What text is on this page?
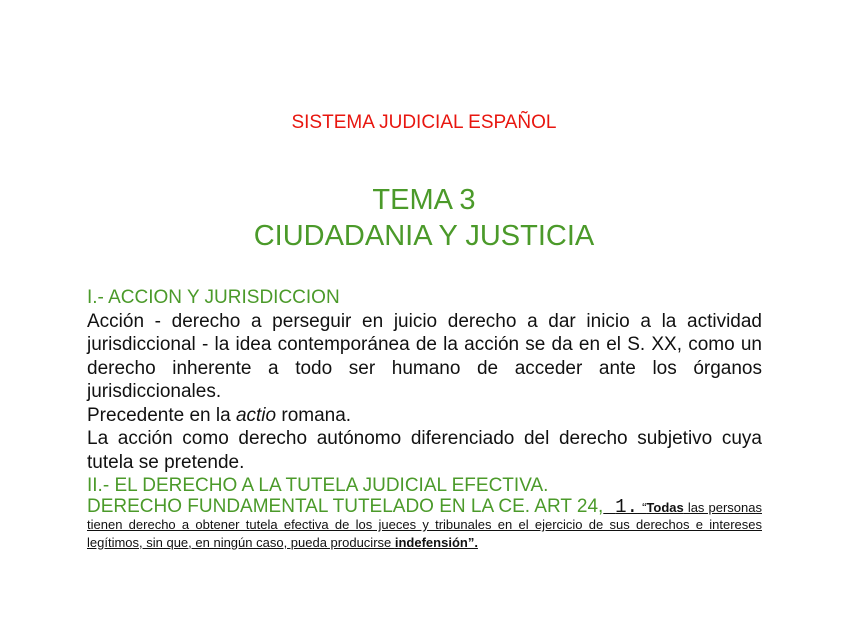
SISTEMA JUDICIAL ESPAÑOL
TEMA 3
CIUDADANIA Y JUSTICIA
I.- ACCION Y JURISDICCION
Acción - derecho a perseguir en juicio derecho a dar inicio a la actividad jurisdiccional - la idea contemporánea de la acción se da en el S. XX, como un derecho inherente a todo ser humano de acceder ante los órganos jurisdiccionales.
Precedente en la actio romana.
La acción como derecho autónomo diferenciado del derecho subjetivo cuya tutela se pretende.
II.- EL DERECHO A LA TUTELA JUDICIAL EFECTIVA.
DERECHO FUNDAMENTAL TUTELADO EN LA CE. ART 24, 1. “Todas las personas tienen derecho a obtener tutela efectiva de los jueces y tribunales en el ejercicio de sus derechos e intereses legítimos, sin que, en ningún caso, pueda producirse indefensión”.
